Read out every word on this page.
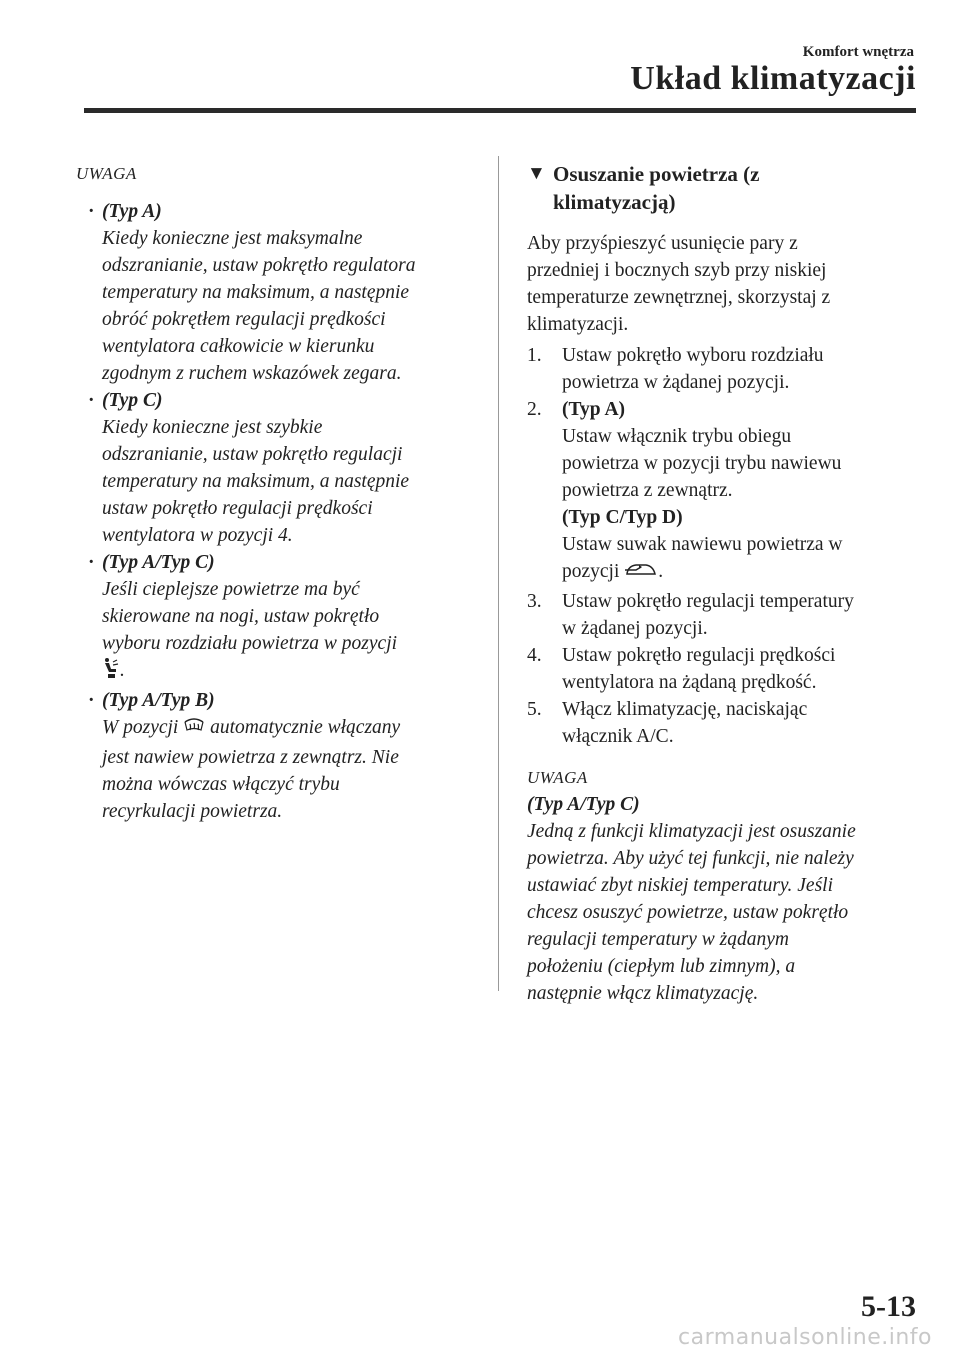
Komfort wnętrza
Układ klimatyzacji
UWAGA
· (Typ A)
Kiedy konieczne jest maksymalne
odszranianie, ustaw pokrętło regulatora
temperatury na maksimum, a następnie
obróć pokrętłem regulacji prędkości
wentylatora całkowicie w kierunku
zgodnym z ruchem wskazówek zegara.
· (Typ C)
Kiedy konieczne jest szybkie
odszranianie, ustaw pokrętło regulacji
temperatury na maksimum, a następnie
ustaw pokrętło regulacji prędkości
wentylatora w pozycji 4.
· (Typ A/Typ C)
Jeśli cieplejsze powietrze ma być
skierowane na nogi, ustaw pokrętło
wyboru rozdziału powietrza w pozycji
.
· (Typ A/Typ B)
W pozycji automatycznie włączany
jest nawiew powietrza z zewnątrz. Nie
można wówczas włączyć trybu
recyrkulacji powietrza.
▼ Osuszanie powietrza (z
klimatyzacją)
Aby przyśpieszyć usunięcie pary z
przedniej i bocznych szyb przy niskiej
temperaturze zewnętrznej, skorzystaj z
klimatyzacji.
1. Ustaw pokrętło wyboru rozdziału
powietrza w żądanej pozycji.
2. (Typ A)
Ustaw włącznik trybu obiegu
powietrza w pozycji trybu nawiewu
powietrza z zewnątrz.
(Typ C/Typ D)
Ustaw suwak nawiewu powietrza w
pozycji .
3. Ustaw pokrętło regulacji temperatury
w żądanej pozycji.
4. Ustaw pokrętło regulacji prędkości
wentylatora na żądaną prędkość.
5. Włącz klimatyzację, naciskając
włącznik A/C.
UWAGA
(Typ A/Typ C)
Jedną z funkcji klimatyzacji jest osuszanie
powietrza. Aby użyć tej funkcji, nie należy
ustawiać zbyt niskiej temperatury. Jeśli
chcesz osuszyć powietrze, ustaw pokrętło
regulacji temperatury w żądanym
położeniu (ciepłym lub zimnym), a
następnie włącz klimatyzację.
5-13
carmanualsonline.info
